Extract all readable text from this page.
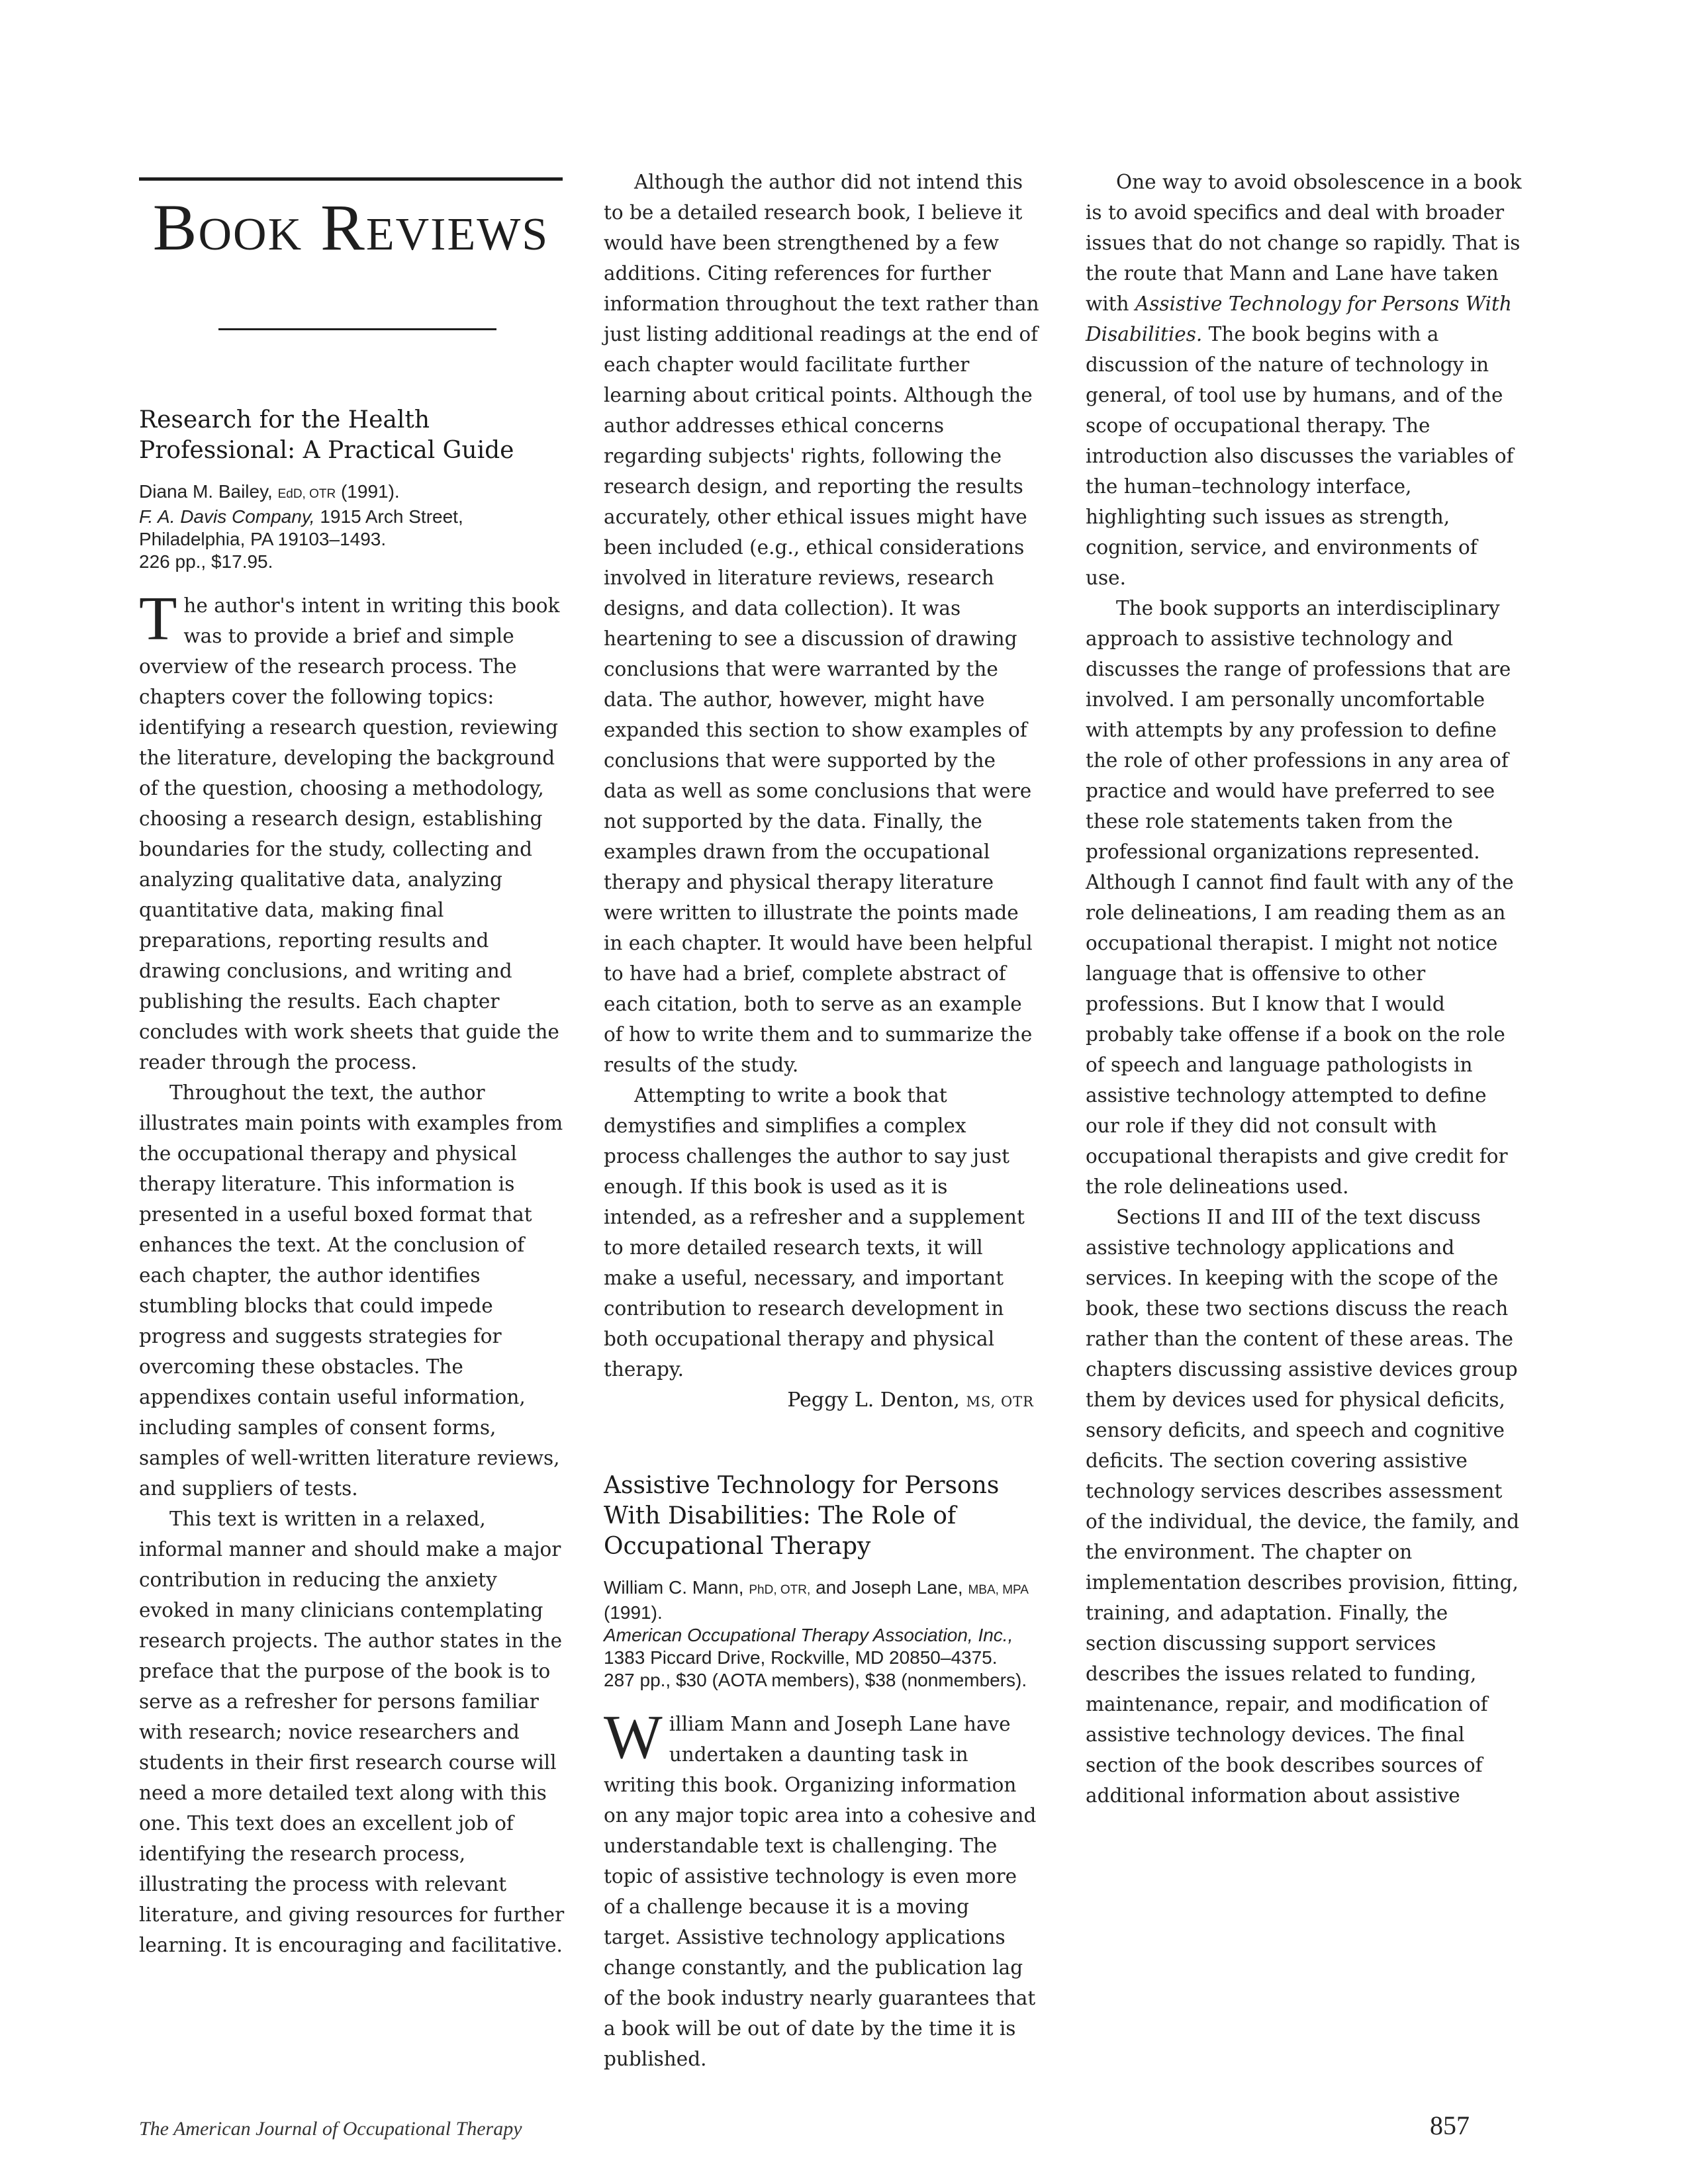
Book Reviews
Research for the Health Professional: A Practical Guide

Diana M. Bailey, EdD, OTR (1991).
F. A. Davis Company, 1915 Arch Street, Philadelphia, PA 19103–1493.
226 pp., $17.95.

The author's intent in writing this book was to provide a brief and simple overview of the research process. The chapters cover the following topics: identifying a research question, reviewing the literature, developing the background of the question, choosing a methodology, choosing a research design, establishing boundaries for the study, collecting and analyzing qualitative data, analyzing quantitative data, making final preparations, reporting results and drawing conclusions, and writing and publishing the results. Each chapter concludes with work sheets that guide the reader through the process.

Throughout the text, the author illustrates main points with examples from the occupational therapy and physical therapy literature. This information is presented in a useful boxed format that enhances the text. At the conclusion of each chapter, the author identifies stumbling blocks that could impede progress and suggests strategies for overcoming these obstacles. The appendixes contain useful information, including samples of consent forms, samples of well-written literature reviews, and suppliers of tests.

This text is written in a relaxed, informal manner and should make a major contribution in reducing the anxiety evoked in many clinicians contemplating research projects. The author states in the preface that the purpose of the book is to serve as a refresher for persons familiar with research; novice researchers and students in their first research course will need a more detailed text along with this one. This text does an excellent job of identifying the research process, illustrating the process with relevant literature, and giving resources for further learning. It is encouraging and facilitative.

Although the author did not intend this to be a detailed research book, I believe it would have been strengthened by a few additions. Citing references for further information throughout the text rather than just listing additional readings at the end of each chapter would facilitate further learning about critical points. Although the author addresses ethical concerns regarding subjects' rights, following the research design, and reporting the results accurately, other ethical issues might have been included (e.g., ethical considerations involved in literature reviews, research designs, and data collection). It was heartening to see a discussion of drawing conclusions that were warranted by the data. The author, however, might have expanded this section to show examples of conclusions that were supported by the data as well as some conclusions that were not supported by the data. Finally, the examples drawn from the occupational therapy and physical therapy literature were written to illustrate the points made in each chapter. It would have been helpful to have had a brief, complete abstract of each citation, both to serve as an example of how to write them and to summarize the results of the study.

Attempting to write a book that demystifies and simplifies a complex process challenges the author to say just enough. If this book is used as it is intended, as a refresher and a supplement to more detailed research texts, it will make a useful, necessary, and important contribution to research development in both occupational therapy and physical therapy.

Peggy L. Denton, MS, OTR

Assistive Technology for Persons With Disabilities: The Role of Occupational Therapy

William C. Mann, PhD, OTR, and Joseph Lane, MBA, MPA (1991).
American Occupational Therapy Association, Inc., 1383 Piccard Drive, Rockville, MD 20850–4375.
287 pp., $30 (AOTA members), $38 (nonmembers).

William Mann and Joseph Lane have undertaken a daunting task in writing this book. Organizing information on any major topic area into a cohesive and understandable text is challenging. The topic of assistive technology is even more of a challenge because it is a moving target. Assistive technology applications change constantly, and the publication lag of the book industry nearly guarantees that a book will be out of date by the time it is published.

One way to avoid obsolescence in a book is to avoid specifics and deal with broader issues that do not change so rapidly. That is the route that Mann and Lane have taken with Assistive Technology for Persons With Disabilities. The book begins with a discussion of the nature of technology in general, of tool use by humans, and of the scope of occupational therapy. The introduction also discusses the variables of the human–technology interface, highlighting such issues as strength, cognition, service, and environments of use.

The book supports an interdisciplinary approach to assistive technology and discusses the range of professions that are involved. I am personally uncomfortable with attempts by any profession to define the role of other professions in any area of practice and would have preferred to see these role statements taken from the professional organizations represented. Although I cannot find fault with any of the role delineations, I am reading them as an occupational therapist. I might not notice language that is offensive to other professions. But I know that I would probably take offense if a book on the role of speech and language pathologists in assistive technology attempted to define our role if they did not consult with occupational therapists and give credit for the role delineations used.

Sections II and III of the text discuss assistive technology applications and services. In keeping with the scope of the book, these two sections discuss the reach rather than the content of these areas. The chapters discussing assistive devices group them by devices used for physical deficits, sensory deficits, and speech and cognitive deficits. The section covering assistive technology services describes assessment of the individual, the device, the family, and the environment. The chapter on implementation describes provision, fitting, training, and adaptation. Finally, the section discussing support services describes the issues related to funding, maintenance, repair, and modification of assistive technology devices. The final section of the book describes sources of additional information about assistive

The American Journal of Occupational Therapy	857
